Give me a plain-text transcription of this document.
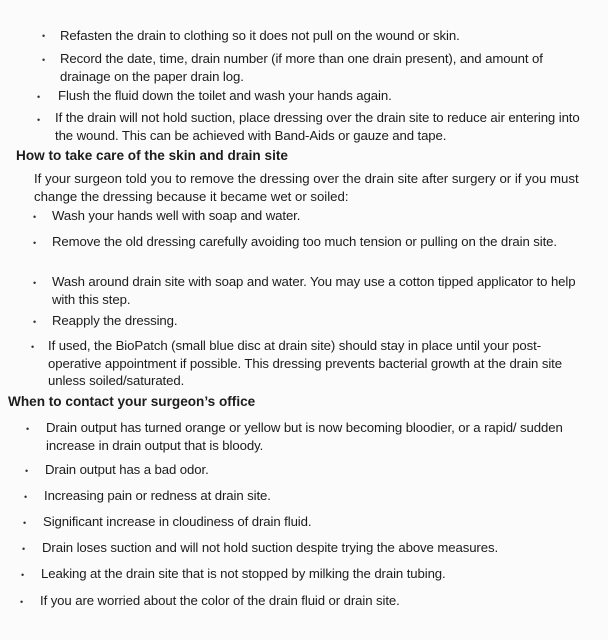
• Refasten the drain to clothing so it does not pull on the wound or skin.
• Record the date, time, drain number (if more than one drain present), and amount of drainage on the paper drain log.
• Flush the fluid down the toilet and wash your hands again.
• If the drain will not hold suction, place dressing over the drain site to reduce air entering into the wound. This can be achieved with Band-Aids or gauze and tape.
How to take care of the skin and drain site
If your surgeon told you to remove the dressing over the drain site after surgery or if you must change the dressing because it became wet or soiled:
• Wash your hands well with soap and water.
• Remove the old dressing carefully avoiding too much tension or pulling on the drain site.
• Wash around drain site with soap and water. You may use a cotton tipped applicator to help with this step.
• Reapply the dressing.
• If used, the BioPatch (small blue disc at drain site) should stay in place until your post-operative appointment if possible. This dressing prevents bacterial growth at the drain site unless soiled/saturated.
When to contact your surgeon’s office
• Drain output has turned orange or yellow but is now becoming bloodier, or a rapid/ sudden increase in drain output that is bloody.
• Drain output has a bad odor.
• Increasing pain or redness at drain site.
• Significant increase in cloudiness of drain fluid.
• Drain loses suction and will not hold suction despite trying the above measures.
• Leaking at the drain site that is not stopped by milking the drain tubing.
• If you are worried about the color of the drain fluid or drain site.
